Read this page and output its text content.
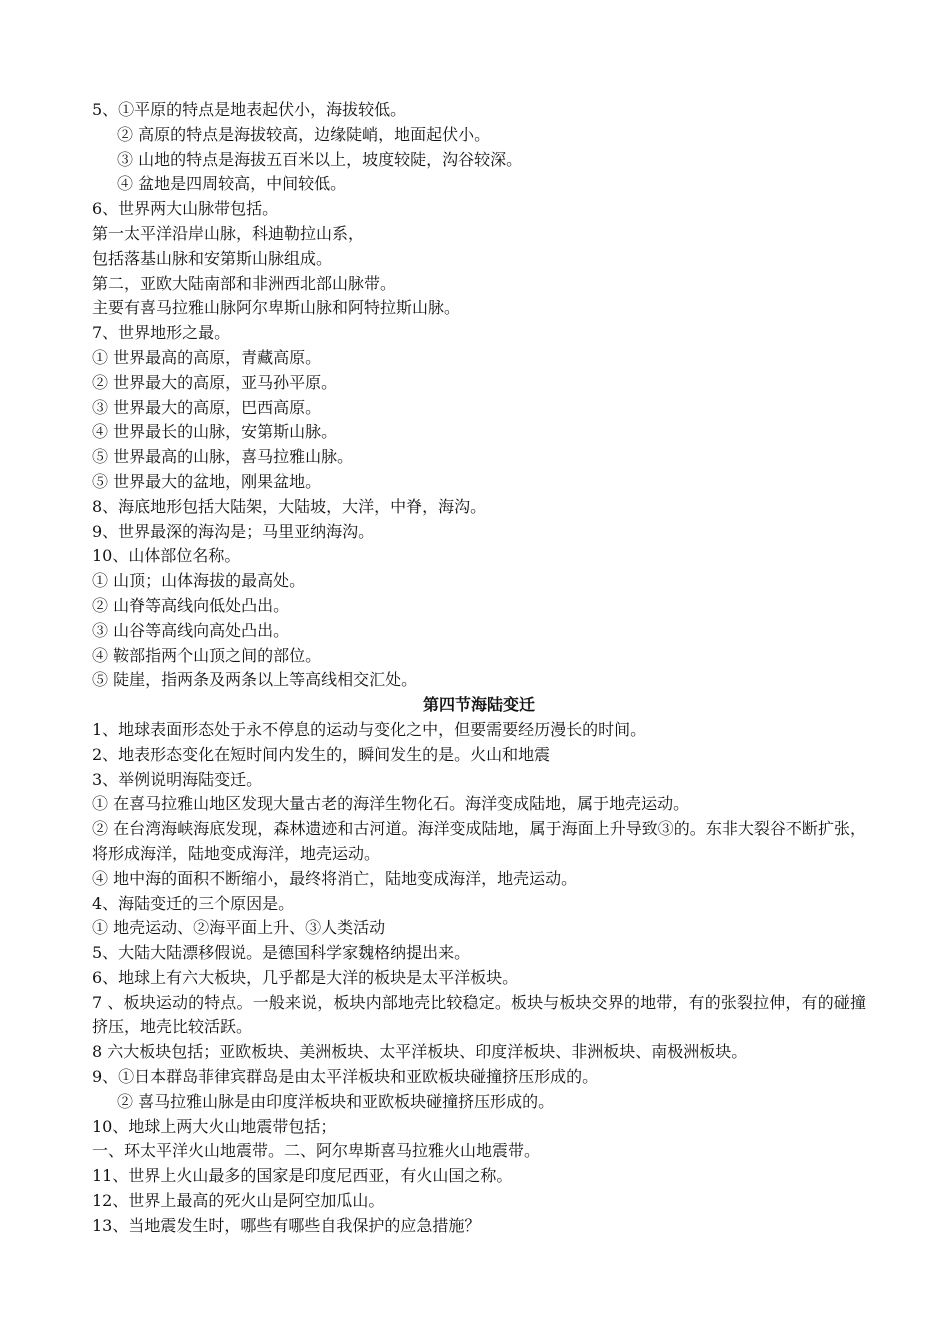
5、①平原的特点是地表起伏小，海拔较低。
② 高原的特点是海拔较高，边缘陡峭，地面起伏小。
③ 山地的特点是海拔五百米以上，坡度较陡，沟谷较深。
④ 盆地是四周较高，中间较低。
6、世界两大山脉带包括。
第一太平洋沿岸山脉，科迪勒拉山系，
包括落基山脉和安第斯山脉组成。
第二，亚欧大陆南部和非洲西北部山脉带。
主要有喜马拉雅山脉阿尔卑斯山脉和阿特拉斯山脉。
7、世界地形之最。
① 世界最高的高原，青藏高原。
② 世界最大的高原，亚马孙平原。
③ 世界最大的高原，巴西高原。
④ 世界最长的山脉，安第斯山脉。
⑤ 世界最高的山脉，喜马拉雅山脉。
⑤ 世界最大的盆地，刚果盆地。
8、海底地形包括大陆架，大陆坡，大洋，中脊，海沟。
9、世界最深的海沟是；马里亚纳海沟。
10、山体部位名称。
① 山顶；山体海拔的最高处。
② 山脊等高线向低处凸出。
③ 山谷等高线向高处凸出。
④ 鞍部指两个山顶之间的部位。
⑤ 陡崖，指两条及两条以上等高线相交汇处。
第四节海陆变迁
1、地球表面形态处于永不停息的运动与变化之中，但要需要经历漫长的时间。
2、地表形态变化在短时间内发生的，瞬间发生的是。火山和地震
3、举例说明海陆变迁。
① 在喜马拉雅山地区发现大量古老的海洋生物化石。海洋变成陆地，属于地壳运动。
② 在台湾海峡海底发现，森林遗迹和古河道。海洋变成陆地，属于海面上升导致③的。东非大裂谷不断扩张，将形成海洋，陆地变成海洋，地壳运动。
④ 地中海的面积不断缩小，最终将消亡，陆地变成海洋，地壳运动。
4、海陆变迁的三个原因是。
① 地壳运动、②海平面上升、③人类活动
5、大陆大陆漂移假说。是德国科学家魏格纳提出来。
6、地球上有六大板块，几乎都是大洋的板块是太平洋板块。
7 、板块运动的特点。一般来说，板块内部地壳比较稳定。板块与板块交界的地带，有的张裂拉伸，有的碰撞挤压，地壳比较活跃。
8 六大板块包括；亚欧板块、美洲板块、太平洋板块、印度洋板块、非洲板块、南极洲板块。
9、①日本群岛菲律宾群岛是由太平洋板块和亚欧板块碰撞挤压形成的。
② 喜马拉雅山脉是由印度洋板块和亚欧板块碰撞挤压形成的。
10、地球上两大火山地震带包括；
一、环太平洋火山地震带。二、阿尔卑斯喜马拉雅火山地震带。
11、世界上火山最多的国家是印度尼西亚，有火山国之称。
12、世界上最高的死火山是阿空加瓜山。
13、当地震发生时，哪些有哪些自我保护的应急措施？
